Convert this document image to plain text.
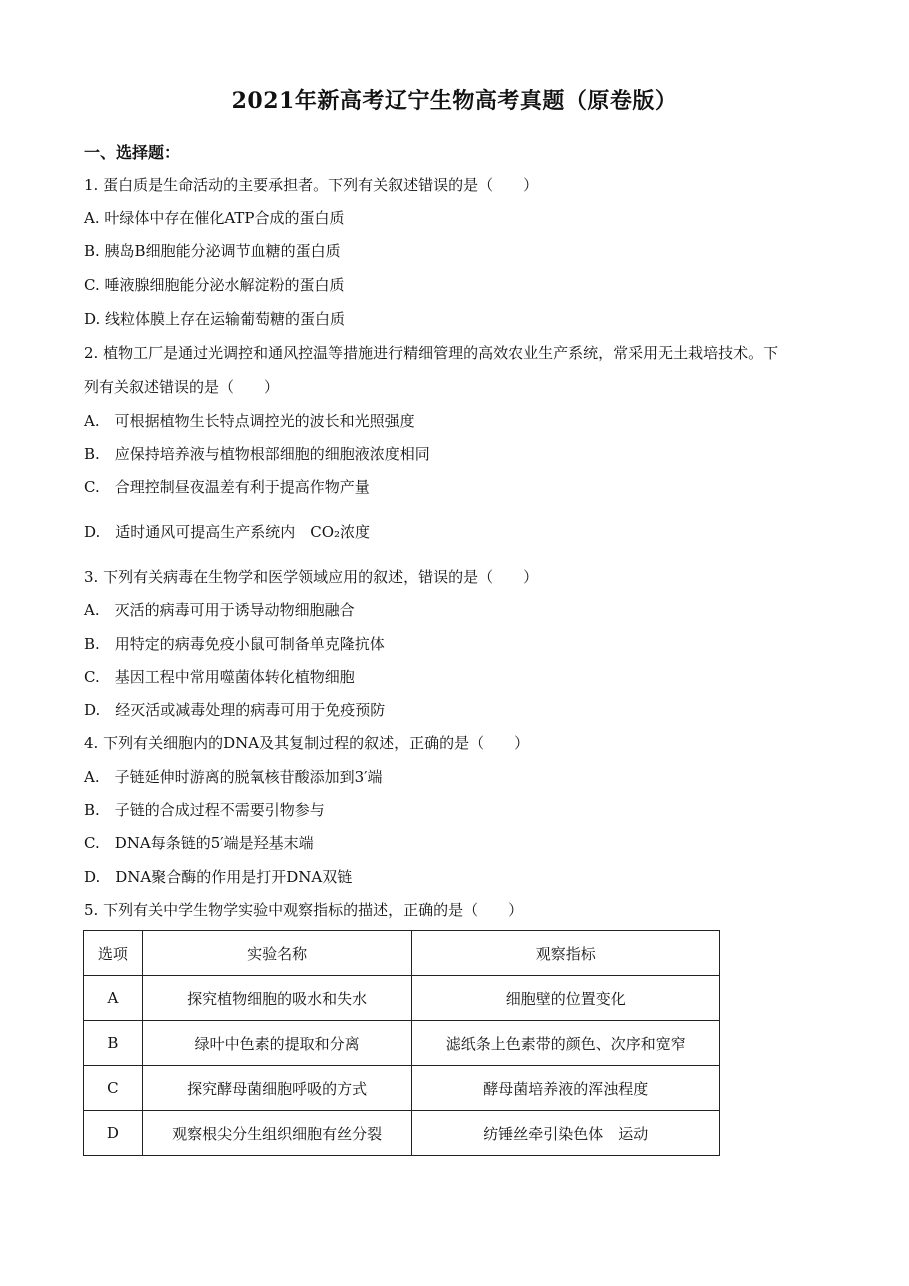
2021年新高考辽宁生物高考真题（原卷版）
一、选择题：
1. 蛋白质是生命活动的主要承担者。下列有关叙述错误的是（　　）
A. 叶绿体中存在催化ATP合成的蛋白质
B. 胰岛B细胞能分泌调节血糖的蛋白质
C. 唾液腺细胞能分泌水解淀粉的蛋白质
D. 线粒体膜上存在运输葡萄糖的蛋白质
2. 植物工厂是通过光调控和通风控温等措施进行精细管理的高效农业生产系统，常采用无土栽培技术。下
列有关叙述错误的是（　　）
A.　可根据植物生长特点调控光的波长和光照强度
B.　应保持培养液与植物根部细胞的细胞液浓度相同
C.　合理控制昼夜温差有利于提高作物产量
D.　适时通风可提高生产系统内　CO₂浓度
3. 下列有关病毒在生物学和医学领域应用的叙述，错误的是（　　）
A.　灭活的病毒可用于诱导动物细胞融合
B.　用特定的病毒免疫小鼠可制备单克隆抗体
C.　基因工程中常用噬菌体转化植物细胞
D.　经灭活或减毒处理的病毒可用于免疫预防
4. 下列有关细胞内的DNA及其复制过程的叙述，正确的是（　　）
A.　子链延伸时游离的脱氧核苷酸添加到3′端
B.　子链的合成过程不需要引物参与
C.　DNA每条链的5′端是羟基末端
D.　DNA聚合酶的作用是打开DNA双链
5. 下列有关中学生物学实验中观察指标的描述，正确的是（　　）
选项	实验名称	观察指标
A	探究植物细胞的吸水和失水	细胞壁的位置变化
B	绿叶中色素的提取和分离	滤纸条上色素带的颜色、次序和宽窄
C	探究酵母菌细胞呼吸的方式	酵母菌培养液的浑浊程度
D	观察根尖分生组织细胞有丝分裂	纺锤丝牵引染色体　运动
